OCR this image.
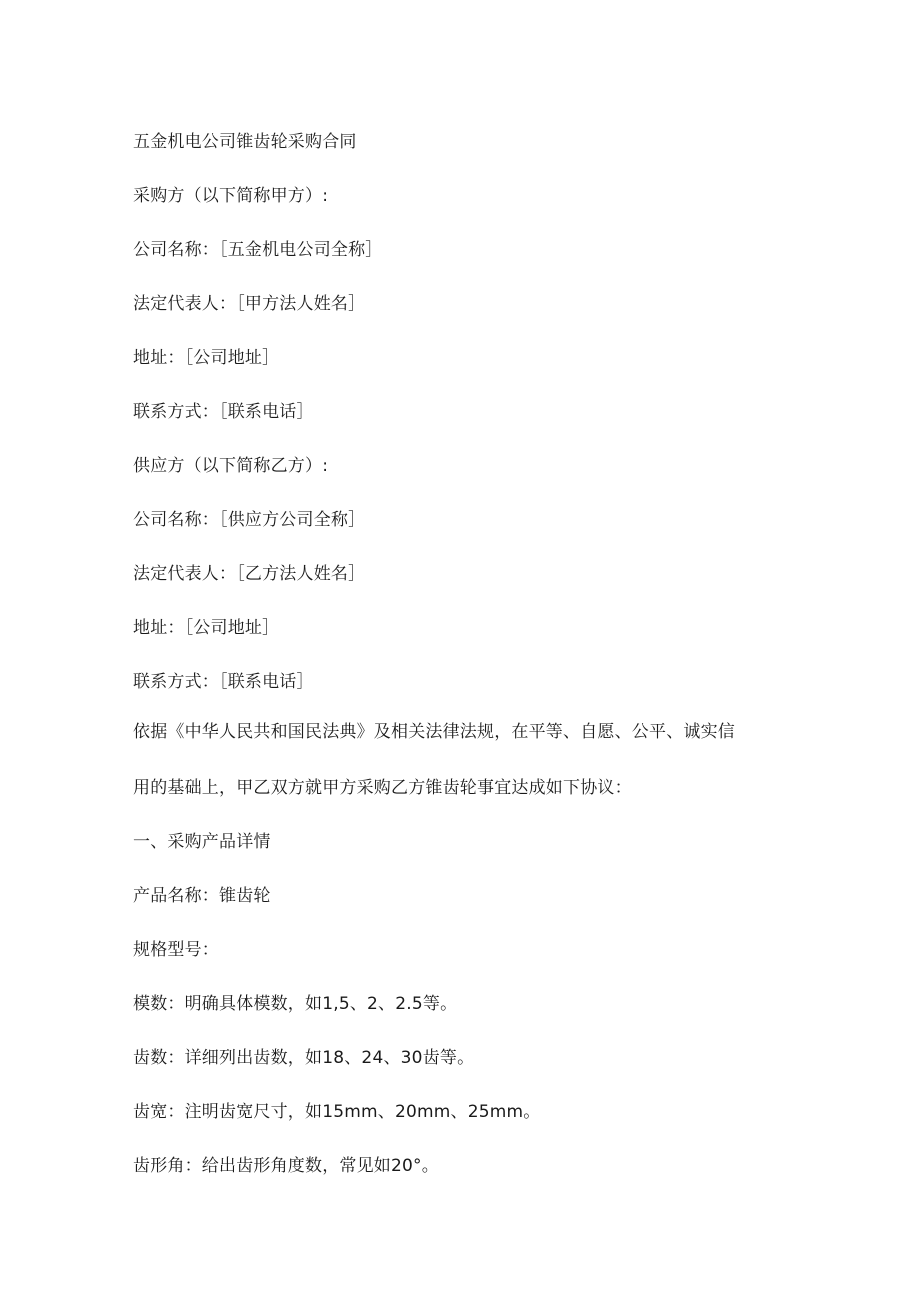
五金机电公司锥齿轮采购合同
采购方（以下简称甲方）:
公司名称：［五金机电公司全称］
法定代表人：［甲方法人姓名］
地址：［公司地址］
联系方式：［联系电话］
供应方（以下简称乙方）:
公司名称：［供应方公司全称］
法定代表人：［乙方法人姓名］
地址：［公司地址］
联系方式：［联系电话］
依据《中华人民共和国民法典》及相关法律法规，在平等、自愿、公平、诚实信
用的基础上，甲乙双方就甲方采购乙方锥齿轮事宜达成如下协议：
一、采购产品详情
产品名称：锥齿轮
规格型号：
模数：明确具体模数，如1,5、2、2.5等。
齿数：详细列出齿数，如18、24、30齿等。
齿宽：注明齿宽尺寸，如15mm、20mm、25mm。
齿形角：给出齿形角度数，常见如20°。
